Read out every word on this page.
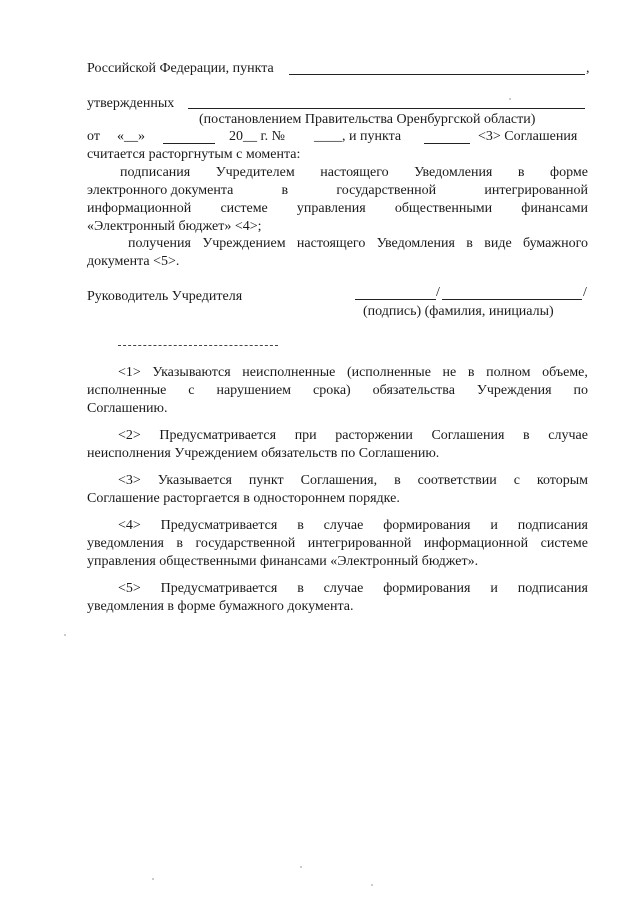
Российской Федерации, пункта	,
утвержденных
(постановлением Правительства Оренбургской области)
от «__»	20__ г. № ____, и пункта	<3> Соглашения
считается расторгнутым с момента:
подписания Учредителем настоящего Уведомления в форме
электронного документа	в	государственной	интегрированной
информационной системе управления общественными финансами
«Электронный бюджет» <4>;
получения Учреждением настоящего Уведомления в виде бумажного
документа <5>.
Руководитель Учредителя	/	/
(подпись) (фамилия, инициалы)
<1> Указываются неисполненные (исполненные не в полном объеме,
исполненные с нарушением срока) обязательства Учреждения по
Соглашению.
<2> Предусматривается при расторжении Соглашения в случае
неисполнения Учреждением обязательств по Соглашению.
<3> Указывается пункт Соглашения, в соответствии с которым
Соглашение расторгается в одностороннем порядке.
<4> Предусматривается в случае формирования и подписания
уведомления в государственной интегрированной информационной системе
управления общественными финансами «Электронный бюджет».
<5> Предусматривается в случае формирования и подписания
уведомления в форме бумажного документа.
